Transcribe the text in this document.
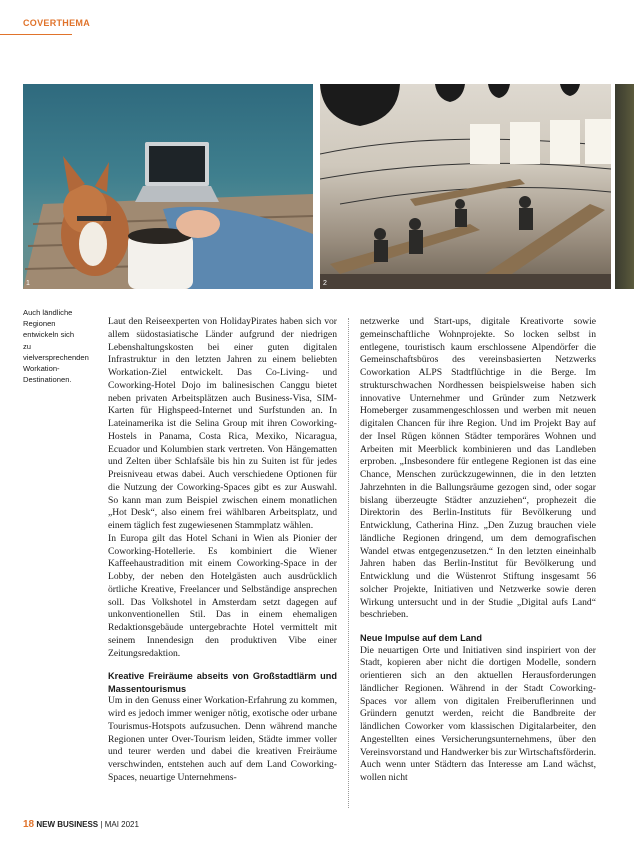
COVERTHEMA
1	2
Auch ländliche Regionen entwickeln sich zu vielversprechenden Workation-Destinationen.

Laut den Reiseexperten von HolidayPirates haben sich vor allem südostasiatische Länder aufgrund der niedrigen Lebenshaltungskosten bei einer guten digitalen Infrastruktur in den letzten Jahren zu einem beliebten Workation-Ziel entwickelt. Das Co-Living- und Coworking-Hotel Dojo im balinesischen Canggu bietet neben privaten Arbeitsplätzen auch Business-Visa, SIM-Karten für Highspeed-Internet und Surfstunden an. In Lateinamerika ist die Selina Group mit ihren Coworking-Hostels in Panama, Costa Rica, Mexiko, Nicaragua, Ecuador und Kolumbien stark vertreten. Von Hängematten und Zelten über Schlafsäle bis hin zu Suiten ist für jedes Preisniveau etwas dabei. Auch verschiedene Optionen für die Nutzung der Coworking-Spaces gibt es zur Auswahl. So kann man zum Beispiel zwischen einem monatlichen „Hot Desk“, also einem frei wählbaren Arbeitsplatz, und einem täglich fest zugewiesenen Stammplatz wählen.

In Europa gilt das Hotel Schani in Wien als Pionier der Coworking-Hotellerie. Es kombiniert die Wiener Kaffeehaustradition mit einem Coworking-Space in der Lobby, der neben den Hotelgästen auch ausdrücklich örtliche Kreative, Freelancer und Selbständige ansprechen soll. Das Volkshotel in Amsterdam setzt dagegen auf unkonventionellen Stil. Das in einem ehemaligen Redaktionsgebäude untergebrachte Hotel vermittelt mit seinem Innendesign den produktiven Vibe einer Zeitungsredaktion.

Kreative Freiräume abseits von Großstadtlärm und Massentourismus

Um in den Genuss einer Workation-Erfahrung zu kommen, wird es jedoch immer weniger nötig, exotische oder urbane Tourismus-Hotspots aufzusuchen. Denn während manche Regionen unter Over-Tourism leiden, Städte immer voller und teurer werden und dabei die kreativen Freiräume verschwinden, entstehen auch auf dem Land Coworking-Spaces, neuartige Unternehmens-

netzwerke und Start-ups, digitale Kreativorte sowie gemeinschaftliche Wohnprojekte. So locken selbst in entlegene, touristisch kaum erschlossene Alpendörfer die Gemeinschaftsbüros des vereinsbasierten Netzwerks Coworkation ALPS Stadtflüchtige in die Berge. Im strukturschwachen Nordhessen beispielsweise haben sich innovative Unternehmer und Gründer zum Netzwerk Homeberger zusammengeschlossen und werben mit neuen digitalen Chancen für ihre Region. Und im Projekt Bay auf der Insel Rügen können Städter temporäres Wohnen und Arbeiten mit Meerblick kombinieren und das Landleben erproben. „Insbesondere für entlegene Regionen ist das eine Chance, Menschen zurückzugewinnen, die in den letzten Jahrzehnten in die Ballungsräume gezogen sind, oder sogar bislang überzeugte Städter anzuziehen“, prophezeit die Direktorin des Berlin-Instituts für Bevölkerung und Entwicklung, Catherina Hinz. „Den Zuzug brauchen viele ländliche Regionen dringend, um dem demografischen Wandel etwas entgegenzusetzen.“ In den letzten eineinhalb Jahren haben das Berlin-Institut für Bevölkerung und Entwicklung und die Wüstenrot Stiftung insgesamt 56 solcher Projekte, Initiativen und Netzwerke sowie deren Wirkung untersucht und in der Studie „Digital aufs Land“ beschrieben.

Neue Impulse auf dem Land

Die neuartigen Orte und Initiativen sind inspiriert von der Stadt, kopieren aber nicht die dortigen Modelle, sondern orientieren sich an den aktuellen Herausforderungen ländlicher Regionen. Während in der Stadt Coworking-Spaces vor allem von digitalen Freiberuflerinnen und Gründern genutzt werden, reicht die Bandbreite der ländlichen Coworker vom klassischen Digitalarbeiter, den Angestellten eines Versicherungsunternehmens, über den Vereinsvorstand und Handwerker bis zur Wirtschaftsförderin. Auch wenn unter Städtern das Interesse am Land wächst, wollen nicht

18 NEW BUSINESS | MAI 2021
